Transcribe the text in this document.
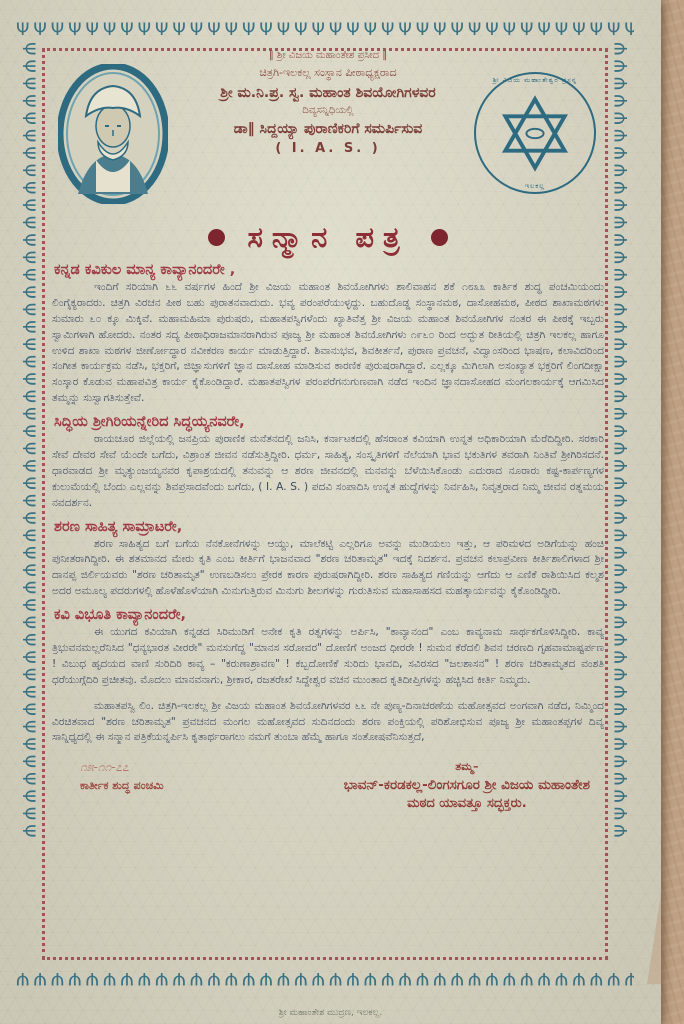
ΨΨΨΨΨΨΨΨΨΨΨΨΨΨΨΨΨΨΨΨΨΨΨΨΨΨΨΨΨΨΨΨΨΨΨΨΨΨΨΨΨΨΨΨΨΨΨΨ
ΨΨΨΨΨΨΨΨΨΨΨΨΨΨΨΨΨΨΨΨΨΨΨΨΨΨΨΨΨΨΨΨΨΨΨΨΨΨΨΨΨΨΨΨΨΨΨΨ
ΨΨΨΨΨΨΨΨΨΨΨΨΨΨΨΨΨΨΨΨΨΨΨΨΨΨΨΨΨΨΨΨΨΨΨΨΨΨΨΨΨΨΨΨΨΨ
ΨΨΨΨΨΨΨΨΨΨΨΨΨΨΨΨΨΨΨΨΨΨΨΨΨΨΨΨΨΨΨΨΨΨΨΨΨΨΨΨΨΨΨΨΨΨ
‖ ಶ್ರೀ ವಿಜಯ ಮಹಾಂತೇಶ ಪ್ರಸೀದ ‖
ಚಿತ್ರಗಿ-ಇಲಕಲ್ಲ ಸಂಸ್ಥಾನ ಪೀಠಾಧ್ಯಕ್ಷರಾದ
ಶ್ರೀ ಮ.ನಿ.ಪ್ರ. ಸ್ವ. ಮಹಾಂತ ಶಿವಯೋಗಿಗಳವರ
ದಿವ್ಯಸನ್ನಿಧಿಯಲ್ಲಿ
ಡಾ‖ ಸಿದ್ದಯ್ಯಾ ಪುರಾಣಿಕರಿಗೆ ಸಮರ್ಪಿಸುವ
( I. A. S. )
ಶ್ರೀ ವಿಜಯ ಮಹಾಂತೇಶ್ವರ ಪ್ರಸನ್ನ
ಇಲಕಲ್ಲ
ಸನ್ಮಾನ ಪತ್ರ
ಕನ್ನಡ ಕವಿಕುಲ ಮಾನ್ಯ ಕಾವ್ಯಾನಂದರೇ ,

ಇಂದಿಗೆ ಸರಿಯಾಗಿ ೬೬ ವರ್ಷಗಳ ಹಿಂದೆ ಶ್ರೀ ವಿಜಯ ಮಹಾಂತ ಶಿವಯೋಗಿಗಳು ಶಾಲಿವಾಹನ ಶಕೆ ೧೮೩೩ ಕಾರ್ತಿಕ ಶುದ್ಧ ಪಂಚಮಿಯಂದು ಲಿಂಗೈಕ್ಯರಾದರು. ಚಿತ್ರಗಿ ವಿರಚನ ಪೀಠ ಬಹು ಪುರಾತನವಾದುದು. ಭವ್ಯ ಪರಂಪರೆಯುಳ್ಳದ್ದು. ಬಹುದೊಡ್ಡ ಸಂಸ್ಥಾನಮಠ, ದಾಸೋಹಮಠ, ಪೀಠದ ಶಾಖಾಮಠಗಳು ಸುಮಾರು ೬೦ ಕ್ಕೂ ಮಿಕ್ಕಿವೆ. ಮಹಾಮಹಿಮಾ ಪುರುಷರು, ಮಹಾತಪಸ್ವಿಗಳೆಂದು ಖ್ಯಾತಿವೆತ್ತ ಶ್ರೀ ವಿಜಯ ಮಹಾಂತ ಶಿವಯೋಗಿಗಳ ನಂತರ ಈ ಪೀಠಕ್ಕೆ ಇಬ್ಬರು ಸ್ವಾಮಿಗಳಾಗಿ ಹೋದರು. ನಂತರ ಸದ್ಯ ಪೀಠಾಧಿರಾಜಮಾನರಾಗಿರುವ ಪೂಜ್ಯ ಶ್ರೀ ಮಹಾಂತ ಶಿವಯೋಗಿಗಳು ೧೯೬೦ ರಿಂದ ಅದ್ಭುತ ರೀತಿಯಲ್ಲಿ ಚಿತ್ರಗಿ ಇಲಕಲ್ಲ ಹಾಗೂ ಉಳಿದ ಶಾಖಾ ಮಠಗಳ ಜೀರ್ಣೋದ್ಧಾರ ನವೀಕರಣ ಕಾರ್ಯ ಮಾಡುತ್ತಿದ್ದಾರೆ. ಶಿವಾನುಭವ, ಶಿವಕೀರ್ತನೆ, ಪುರಾಣ ಪ್ರವಚನೆ, ವಿದ್ವಾಂಸರಿಂದ ಭಾಷಣ, ಕಲಾವಿದರಿಂದ ಸಂಗೀತ ಕಾರ್ಯಕ್ರಮ ನಡೆಸಿ, ಭಕ್ತರಿಗೆ, ಜಿಜ್ಞಾಸುಗಳಿಗೆ ಜ್ಞಾನ ದಾಸೋಹ ಮಾಡಿಸುವ ಕಾರಣಿಕ ಪುರುಷರಾಗಿದ್ದಾರೆ. ಎಲ್ಲಕ್ಕೂ ಮಿಗಿಲಾಗಿ ಅಸಂಖ್ಯಾತ ಭಕ್ತರಿಗೆ ಲಿಂಗದೀಕ್ಷಾ ಸಂಸ್ಕಾರ ಕೊಡುವ ಮಹಾಪವಿತ್ರ ಕಾರ್ಯ ಕೈಕೊಂಡಿದ್ದಾರೆ. ಮಹಾತಪಸ್ವಿಗಳ ಪರಂಪರೆಗನುಗುಣವಾಗಿ ನಡೆದ ಇಂದಿನ ಜ್ಞಾನದಾಸೋಹದ ಮಂಗಲಕಾರ್ಯಕ್ಕೆ ಆಗಮಿಸಿದ ತಮ್ಮನ್ನು ಸುಸ್ವಾಗತಿಸುತ್ತೇವೆ.

ಸಿದ್ಧಿಯ ಶ್ರೀಗಿರಿಯನ್ನೇರಿದ ಸಿದ್ಧಯ್ಯನವರೇ,

ರಾಯಚೂರ ಜಿಲ್ಲೆಯಲ್ಲಿ ಜನಪ್ರಿಯ ಪುರಾಣಿಕ ಮನೆತನದಲ್ಲಿ ಜನಿಸಿ, ಕರ್ನಾಟಕದಲ್ಲಿ ಹೆಸರಾಂತ ಕವಿಯಾಗಿ ಉನ್ನತ ಅಧಿಕಾರಿಯಾಗಿ ಮೆರೆದಿದ್ದೀರಿ. ಸರಕಾರಿ ಸೇವೆ ದೇವರ ಸೇವೆ ಯೆಂದೇ ಬಗೆದು, ವಿಶ್ರಾಂತ ಜೀವನ ನಡೆಸುತ್ತಿದ್ದೀರಿ. ಧರ್ಮ, ಸಾಹಿತ್ಯ, ಸಂಸ್ಕೃತಿಗಳಿಗೆ ನೆಲೆಯಾಗಿ ಭಾವ ಭಕುತಿಗಳ ತವರಾಗಿ ನಿಂತಿವೆ ಶ್ರೀಗಿರಿಸದನೆ. ಧಾರವಾಡದ ಶ್ರೀ ಮೃತ್ಯುಂಜಯ್ಯನವರ ಕೃಪಾಶ್ರಯದಲ್ಲಿ ತನುವನ್ನು ಆ ಶರಣ ಜೀವನದಲ್ಲಿ ಮನವನ್ನು ಬೆಳೆಯಿಸಿಕೊಂಡು ಎದುರಾದ ನೂರಾರು ಕಷ್ಟ-ಕಾರ್ಪಣ್ಯಗಳ ಕುಲುಮೆಯಲ್ಲಿ ಬೆಂದು ಎಲ್ಲವನ್ನು ಶಿವಪ್ರಸಾದವೆಂದು ಬಗೆದು, ( I. A. S. ) ಪದವಿ ಸಂಪಾದಿಸಿ ಉನ್ನತ ಹುದ್ದೆಗಳನ್ನು ನಿರ್ವಹಿಸಿ, ನಿವೃತ್ತರಾದ ನಿಮ್ಮ ಜೀವನ ರತ್ನಮಯ ನವದರ್ಶನ.

ಶರಣ ಸಾಹಿತ್ಯ ಸಾಮ್ರಾಟರೇ,

ಶರಣ ಸಾಹಿತ್ಯದ ಬಗೆ ಬಗೆಯ ನೆನಕೋನೆಗಳನ್ನು ಆಯ್ದು, ಮಾಲೆಕಟ್ಟಿ ಎಲ್ಲರಿಗೂ ಅವನ್ನು ಮುಡಿಯಲು ಇತ್ತು, ಆ ಪರಿಮಳದ ಅಡಿಗೆಯನ್ನು ಹಂಚಿ ಪುನೀತರಾಗಿದ್ದೀರಿ. ಈ ಶತಮಾನದ ಮೇರು ಕೃತಿ ಎಂಬ ಕೀರ್ತಿಗೆ ಭಾಜನವಾದ "ಶರಣ ಚರಿತಾಮೃತ" ಇದಕ್ಕೆ ನಿದರ್ಶನ. ಪ್ರವಚನ ಕಲಾಪ್ರವೀಣ ಕೀರ್ತಿಶಾಲಿಗಳಾದ ಶ್ರೀ ದಾನಪ್ಪ ಜಿರ್ಲಿಯವರು "ಶರಣ ಚರಿತಾಮೃತ" ಉಣಬಡಿಸಲು ಪ್ರೇರಕ ಕಾರಣ ಪುರುಷರಾಗಿದ್ದೀರಿ. ಶರಣ ಸಾಹಿತ್ಯದ ಗಣಿಯನ್ನು ಆಗೆದು ಆ ಎಣಿಕೆ ರಾಶಿಯಿಸಿದ ಕಲ್ಮಶ ಅದರ ಅಮೂಲ್ಯ ಪದರುಗಳಲ್ಲಿ ಹೊಳೆಹೊಳೆಯಾಗಿ ಮಿನುಗುತ್ತಿರುವ ಮಿನುಗು ಶೀಲಗಳನ್ನು ಗುರುತಿಸುವ ಮಹಾಸಾಹಸದ ಮಹತ್ಕಾರ್ಯವನ್ನು ಕೈಕೊಂಡಿದ್ದೀರಿ.

ಕವಿ ವಿಭೂತಿ ಕಾವ್ಯಾನಂದರೇ,

ಈ ಯುಗದ ಕವಿಯಾಗಿ ಕನ್ನಡದ ಸಿರಿಮುಡಿಗೆ ಅನೇಕ ಕೃತಿ ರತ್ನಗಳನ್ನು ಅರ್ಪಿಸಿ, "ಕಾವ್ಯಾನಂದ" ಎಂಬ ಕಾವ್ಯನಾಮ ಸಾರ್ಥಕಗೊಳಿಸಿದ್ದೀರಿ. ಕಾವ್ಯ ತ್ರಿಭುವನಮಲ್ಲರೆನಿಸಿದ "ಧನ್ಯಭಾರತ ವೀರರೇ" ಮನಸುಗೆದ್ದ "ಮಾನಸ ಸರೋವರ" ದೋಣಿಗೆ ಅಂಜದ ಧೀರರೇ ! ಸುಮನ ಕೆರೆದಲಿ ಶಿವನ ಚರಣದಿ ಗೃಹವಾಮಾಷ್ಟರ್ಪಣ ! ವಿಬುಧ ಹೃದಯದ ವಾಣಿ ಸುರಿದಿರಿ ಕಾವ್ಯ – "ಕರುಣಾಶ್ರಾವಣ" ! ಕಬ್ಬದೋಣಿಕೆ ಸುರಿದು ಭಾವದಿ, ಸವಿರಸದ "ಜಲಶಾಸನ" ! ಶರಣ ಚರಿತಾಮೃತದ ವಂಶತಿ ಧರೆಯುಗ್ಗೆದಿರಿ ಪ್ರಚೀತವು. ಮೊದಲು ಮಾನವನಾಗು, ಶ್ರೀಕಾರ, ರಜತರೇಖೆ ಸಿದ್ದೇಶ್ವರ ವಚನ ಮುಂತಾದ ಕೃತಿದೀಪ್ತಿಗಳನ್ನು ಹಚ್ಚಿಸಿದ ಕೀರ್ತಿ ನಿಮ್ಮದು.

ಮಹಾತಪಸ್ವಿ ಲಿಂ. ಚಿತ್ರಗಿ-ಇಲಕಲ್ಲ ಶ್ರೀ ವಿಜಯ ಮಹಾಂತ ಶಿವಯೋಗಿಗಳವರ ೬೬ ನೇ ಪುಣ್ಯ-ದಿನಾಚರಣೆಯ ಮಹೋತ್ಸವದ ಅಂಗವಾಗಿ ನಡೆದ, ನಿಮ್ಮಿಂದ ವಿರಚಿತವಾದ "ಶರಣ ಚರಿತಾಮೃತ" ಪ್ರವಚನದ ಮಂಗಲ ಮಹೋತ್ಸವದ ಸುದಿನದಂದು ಶರಣ ಪಂಕ್ತಿಯಲ್ಲಿ ಪರಿಶೋಭಿಸುವ ಪೂಜ್ಯ ಶ್ರೀ ಮಹಾಂತಪ್ಪಗಳ ದಿವ್ಯ ಸಾನ್ನಿಧ್ಯದಲ್ಲಿ ಈ ಸನ್ಮಾನ ಪತ್ರಿಕೆಯನ್ನರ್ಪಿಸಿ ಕೃತಾರ್ಥರಾಗಲು ನಮಗೆ ತುಂಬಾ ಹೆಮ್ಮೆ ಹಾಗೂ ಸಂತೋಷವೆನಿಸುತ್ತದೆ,

೧೫-೧೧-೭೭
ಕಾರ್ತೀಕ ಶುದ್ಧ ಪಂಚಮಿ
ತಮ್ಮ–
ಭಾವನ್-ಕರಡಕಲ್ಲ-ಲಿಂಗಸಗೂರ ಶ್ರೀ ವಿಜಯ ಮಹಾಂತೇಶ
ಮಠದ ಯಾವತ್ತೂ ಸದ್ಭಕ್ತರು.
ಶ್ರೀ ಮಹಾಂತೇಶ ಮುದ್ರಣ, ಇಲಕಲ್ಲ.
